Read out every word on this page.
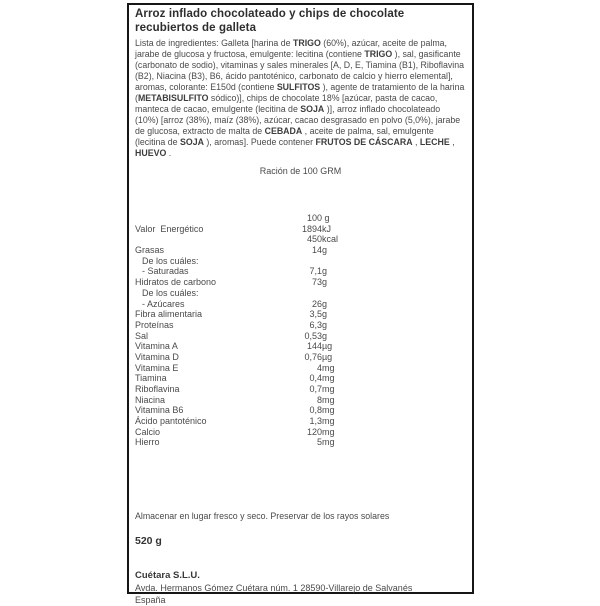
Arroz inflado chocolateado y chips de chocolate recubiertos de galleta

Lista de ingredientes: Galleta [harina de TRIGO (60%), azúcar, aceite de palma, jarabe de glucosa y fructosa, emulgente: lecitina (contiene TRIGO ), sal, gasificante (carbonato de sodio), vitaminas y sales minerales [A, D, E, Tiamina (B1), Riboflavina (B2), Niacina (B3), B6, ácido pantoténico, carbonato de calcio y hierro elemental], aromas, colorante: E150d (contiene SULFITOS ), agente de tratamiento de la harina (METABISULFITO sódico)], chips de chocolate 18% [azúcar, pasta de cacao, manteca de cacao, emulgente (lecitina de SOJA )], arroz inflado chocolateado (10%) [arroz (38%), maíz (38%), azúcar, cacao desgrasado en polvo (5,0%), jarabe de glucosa, extracto de malta de CEBADA , aceite de palma, sal, emulgente (lecitina de SOJA ), aromas]. Puede contener FRUTOS DE CÁSCARA , LECHE , HUEVO .

Ración de 100 GRM
100 g
Valor  Energético	1894 kJ
450 kcal
Grasas	14 g
De los cuáles:
- Saturadas	7,1 g
Hidratos de carbono	73 g
De los cuáles:
- Azúcares	26 g
Fibra alimentaria	3,5 g
Proteínas	6,3 g
Sal	0,53 g
Vitamina A	144 µg
Vitamina D	0,76 µg
Vitamina E	4 mg
Tiamina	0,4 mg
Riboflavina	0,7 mg
Niacina	8 mg
Vitamina B6	0,8 mg
Ácido pantoténico	1,3 mg
Calcio	120 mg
Hierro	5 mg
Almacenar en lugar fresco y seco. Preservar de los rayos solares
520 g
Cuétara S.L.U.
Avda. Hermanos Gómez Cuétara núm. 1 28590-Villarejo de Salvanés
España
